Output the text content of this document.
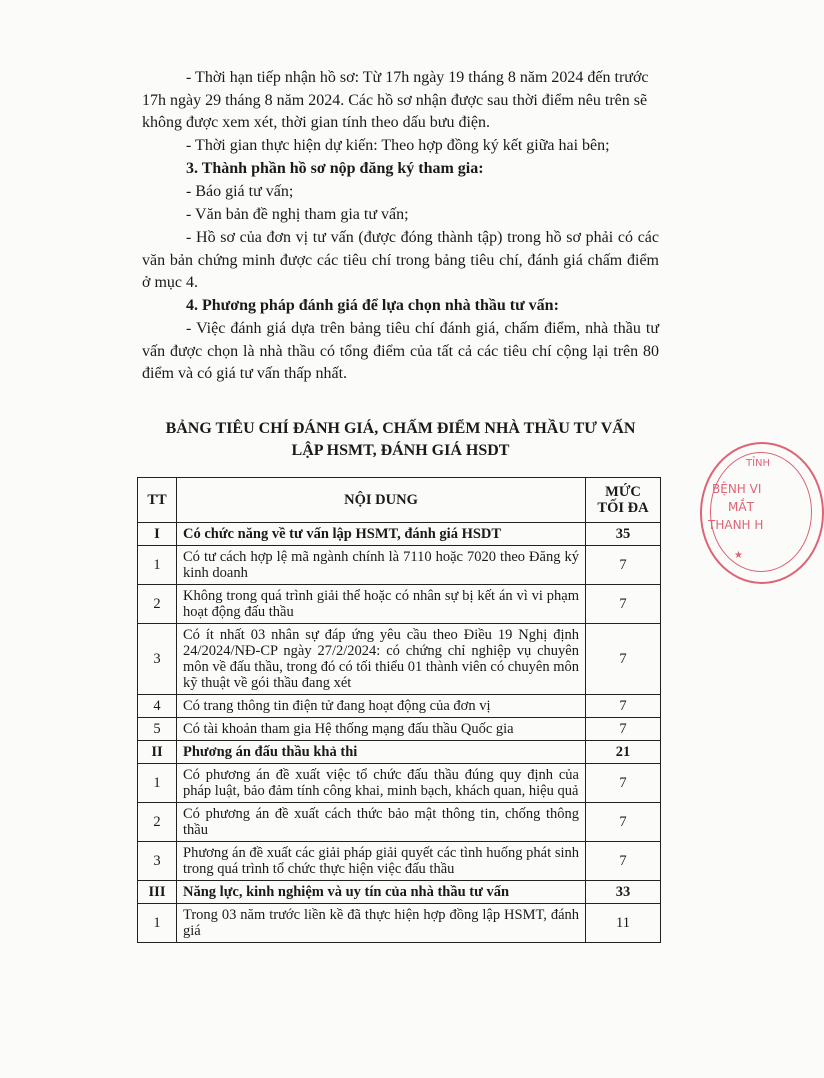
- Thời hạn tiếp nhận hồ sơ: Từ 17h ngày 19 tháng 8 năm 2024 đến trước 17h ngày 29 tháng 8 năm 2024. Các hồ sơ nhận được sau thời điểm nêu trên sẽ không được xem xét, thời gian tính theo dấu bưu điện.

- Thời gian thực hiện dự kiến: Theo hợp đồng ký kết giữa hai bên;

3. Thành phần hồ sơ nộp đăng ký tham gia:

- Báo giá tư vấn;

- Văn bản đề nghị tham gia tư vấn;

- Hồ sơ của đơn vị tư vấn (được đóng thành tập) trong hồ sơ phải có các văn bản chứng minh được các tiêu chí trong bảng tiêu chí, đánh giá chấm điểm ở mục 4.

4. Phương pháp đánh giá để lựa chọn nhà thầu tư vấn:

- Việc đánh giá dựa trên bảng tiêu chí đánh giá, chấm điểm, nhà thầu tư vấn được chọn là nhà thầu có tổng điểm của tất cả các tiêu chí cộng lại trên 80 điểm và có giá tư vấn thấp nhất.

BẢNG TIÊU CHÍ ĐÁNH GIÁ, CHẤM ĐIỂM NHÀ THẦU TƯ VẤN
LẬP HSMT, ĐÁNH GIÁ HSDT
TT	NỘI DUNG	MỨC
TỐI ĐA

I	Có chức năng về tư vấn lập HSMT, đánh giá HSDT	35
1	Có tư cách hợp lệ mã ngành chính là 7110 hoặc 7020 theo Đăng ký kinh doanh	7
2	Không trong quá trình giải thể hoặc có nhân sự bị kết án vì vi phạm hoạt động đấu thầu	7
3	Có ít nhất 03 nhân sự đáp ứng yêu cầu theo Điều 19 Nghị định 24/2024/NĐ-CP ngày 27/2/2024: có chứng chỉ nghiệp vụ chuyên môn về đấu thầu, trong đó có tối thiểu 01 thành viên có chuyên môn kỹ thuật về gói thầu đang xét	7
4	Có trang thông tin điện tử đang hoạt động của đơn vị	7
5	Có tài khoản tham gia Hệ thống mạng đấu thầu Quốc gia	7
II	Phương án đấu thầu khả thi	21
1	Có phương án đề xuất việc tổ chức đấu thầu đúng quy định của pháp luật, bảo đảm tính công khai, minh bạch, khách quan, hiệu quả	7
2	Có phương án đề xuất cách thức bảo mật thông tin, chống thông thầu	7
3	Phương án đề xuất các giải pháp giải quyết các tình huống phát sinh trong quá trình tổ chức thực hiện việc đấu thầu	7
III	Năng lực, kinh nghiệm và uy tín của nhà thầu tư vấn	33
1	Trong 03 năm trước liền kề đã thực hiện hợp đồng lập HSMT, đánh giá	11
TỈNH
BỆNH VI
MẮT
THANH H
★
